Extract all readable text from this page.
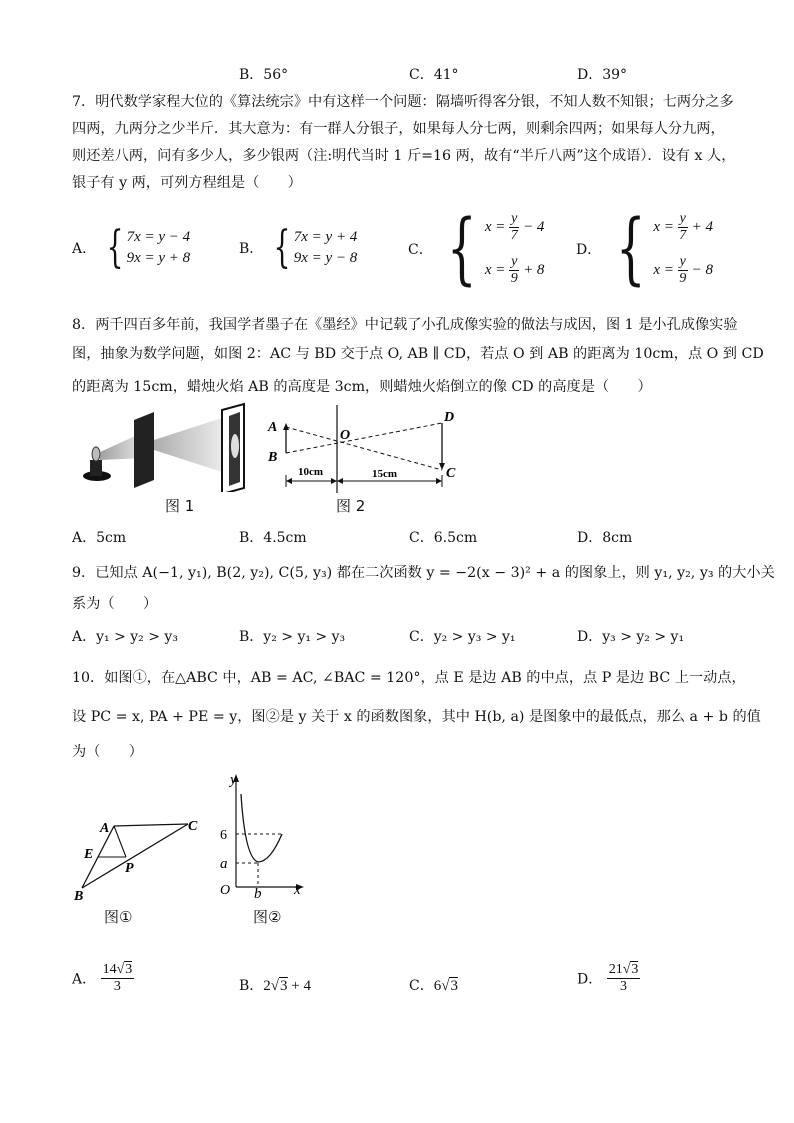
B．56°	C．41°	D．39°
7．明代数学家程大位的《算法统宗》中有这样一个问题：隔墙听得客分银，不知人数不知银；七两分之多
四两，九两分之少半斤．其大意为：有一群人分银子，如果每人分七两，则剩余四两；如果每人分九两，
则还差八两，问有多少人，多少银两（注:明代当时 1 斤=16 两，故有“半斤八两”这个成语）．设有 x 人，
银子有 y 两，可列方程组是（　　）
A． { 7x = y − 4
9x = y + 8
B． { 7x = y + 4
9x = y − 8	C． { $x = \frac{y}{7} - 4$
$x = \frac{y}{9} + 8$
D． { $x = \frac{y}{7} + 4$
$x = \frac{y}{9} - 8$
8．两千四百多年前，我国学者墨子在《墨经》中记载了小孔成像实验的做法与成因，图 1 是小孔成像实验
图，抽象为数学问题，如图 2：AC 与 BD 交于点 O, AB ∥ CD，若点 O 到 AB 的距离为 10cm，点 O 到 CD
的距离为 15cm，蜡烛火焰 AB 的高度是 3cm，则蜡烛火焰倒立的像 CD 的高度是（　　）
图 1
A
B
O
D
C
10cm	15cm
图 2
A．5cm	B．4.5cm	C．6.5cm	D．8cm
9．已知点 A(−1, y₁), B(2, y₂), C(5, y₃) 都在二次函数 y = −2(x − 3)² + a 的图象上，则 y₁, y₂, y₃ 的大小关
系为（　　）
A．y₁ > y₂ > y₃	B．y₂ > y₁ > y₃	C．y₂ > y₃ > y₁	D．y₃ > y₂ > y₁
10．如图①，在△ABC 中，AB = AC, ∠BAC = 120°，点 E 是边 AB 的中点，点 P 是边 BC 上一动点，
设 PC = x, PA + PE = y，图②是 y 关于 x 的函数图象，其中 H(b, a) 是图象中的最低点，那么 a + b 的值
为（　　）
A	C
E
P
B
图①
y
6
a
O b x
图②
A． $\frac{14√3}{3}$	B．2√3 + 4	C．6√3	D． $\frac{21√3}{3}$
